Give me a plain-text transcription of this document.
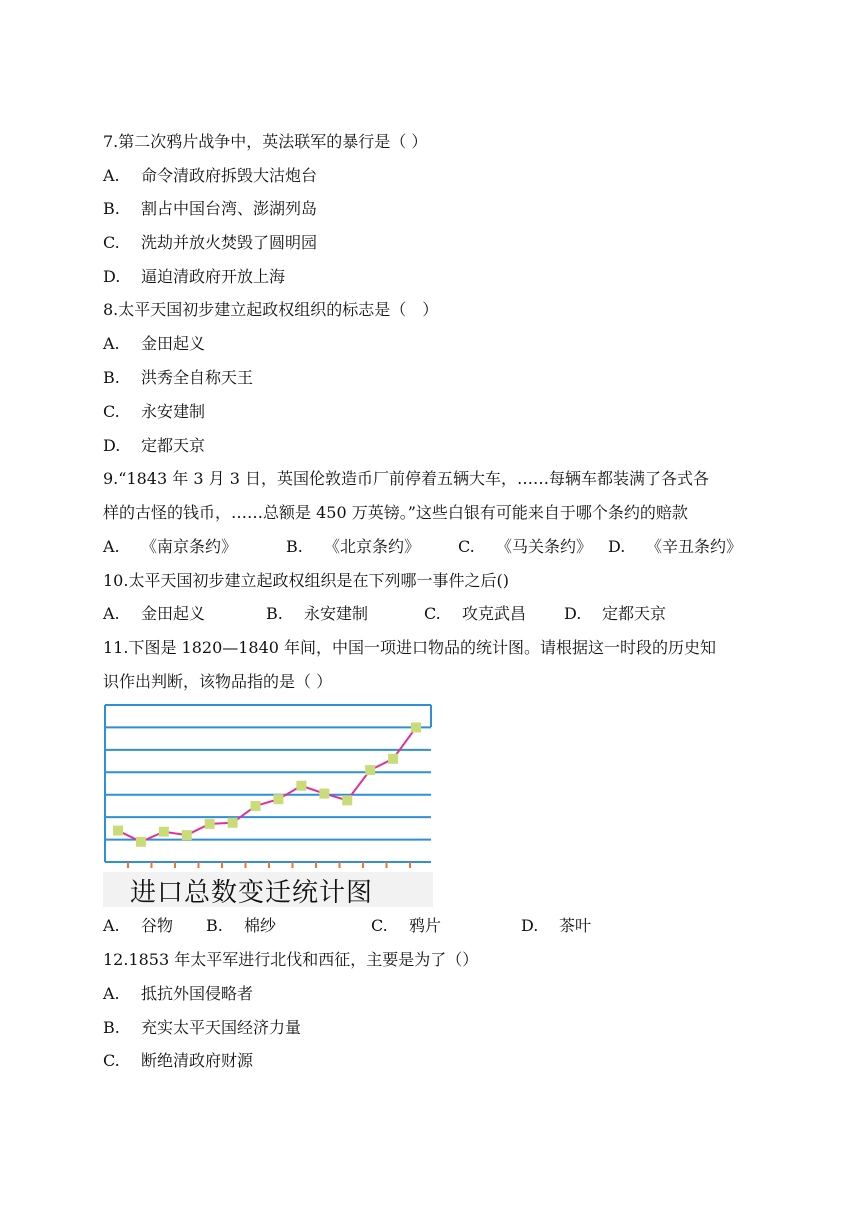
7.第二次鸦片战争中，英法联军的暴行是（ ）
A. 命令清政府拆毁大沽炮台
B. 割占中国台湾、澎湖列岛
C. 洗劫并放火焚毁了圆明园
D. 逼迫清政府开放上海
8.太平天国初步建立起政权组织的标志是（　）
A. 金田起义
B. 洪秀全自称天王
C. 永安建制
D. 定都天京
9.“1843 年 3 月 3 日，英国伦敦造币厂前停着五辆大车，……每辆车都装满了各式各
样的古怪的钱币，……总额是 450 万英镑。”这些白银有可能来自于哪个条约的赔款
A. 《南京条约》	B. 《北京条约》 C. 《马关条约》 D. 《辛丑条约》
10.太平天国初步建立起政权组织是在下列哪一事件之后()
A. 金田起义	B. 永安建制	C. 攻克武昌 D. 定都天京
11.下图是 1820—1840 年间，中国一项进口物品的统计图。请根据这一时段的历史知
识作出判断，该物品指的是（ ）
进口总数变迁统计图
A. 谷物 B. 棉纱	C. 鸦片	D. 茶叶
12.1853 年太平军进行北伐和西征，主要是为了（）
A. 抵抗外国侵略者
B. 充实太平天国经济力量
C. 断绝清政府财源
